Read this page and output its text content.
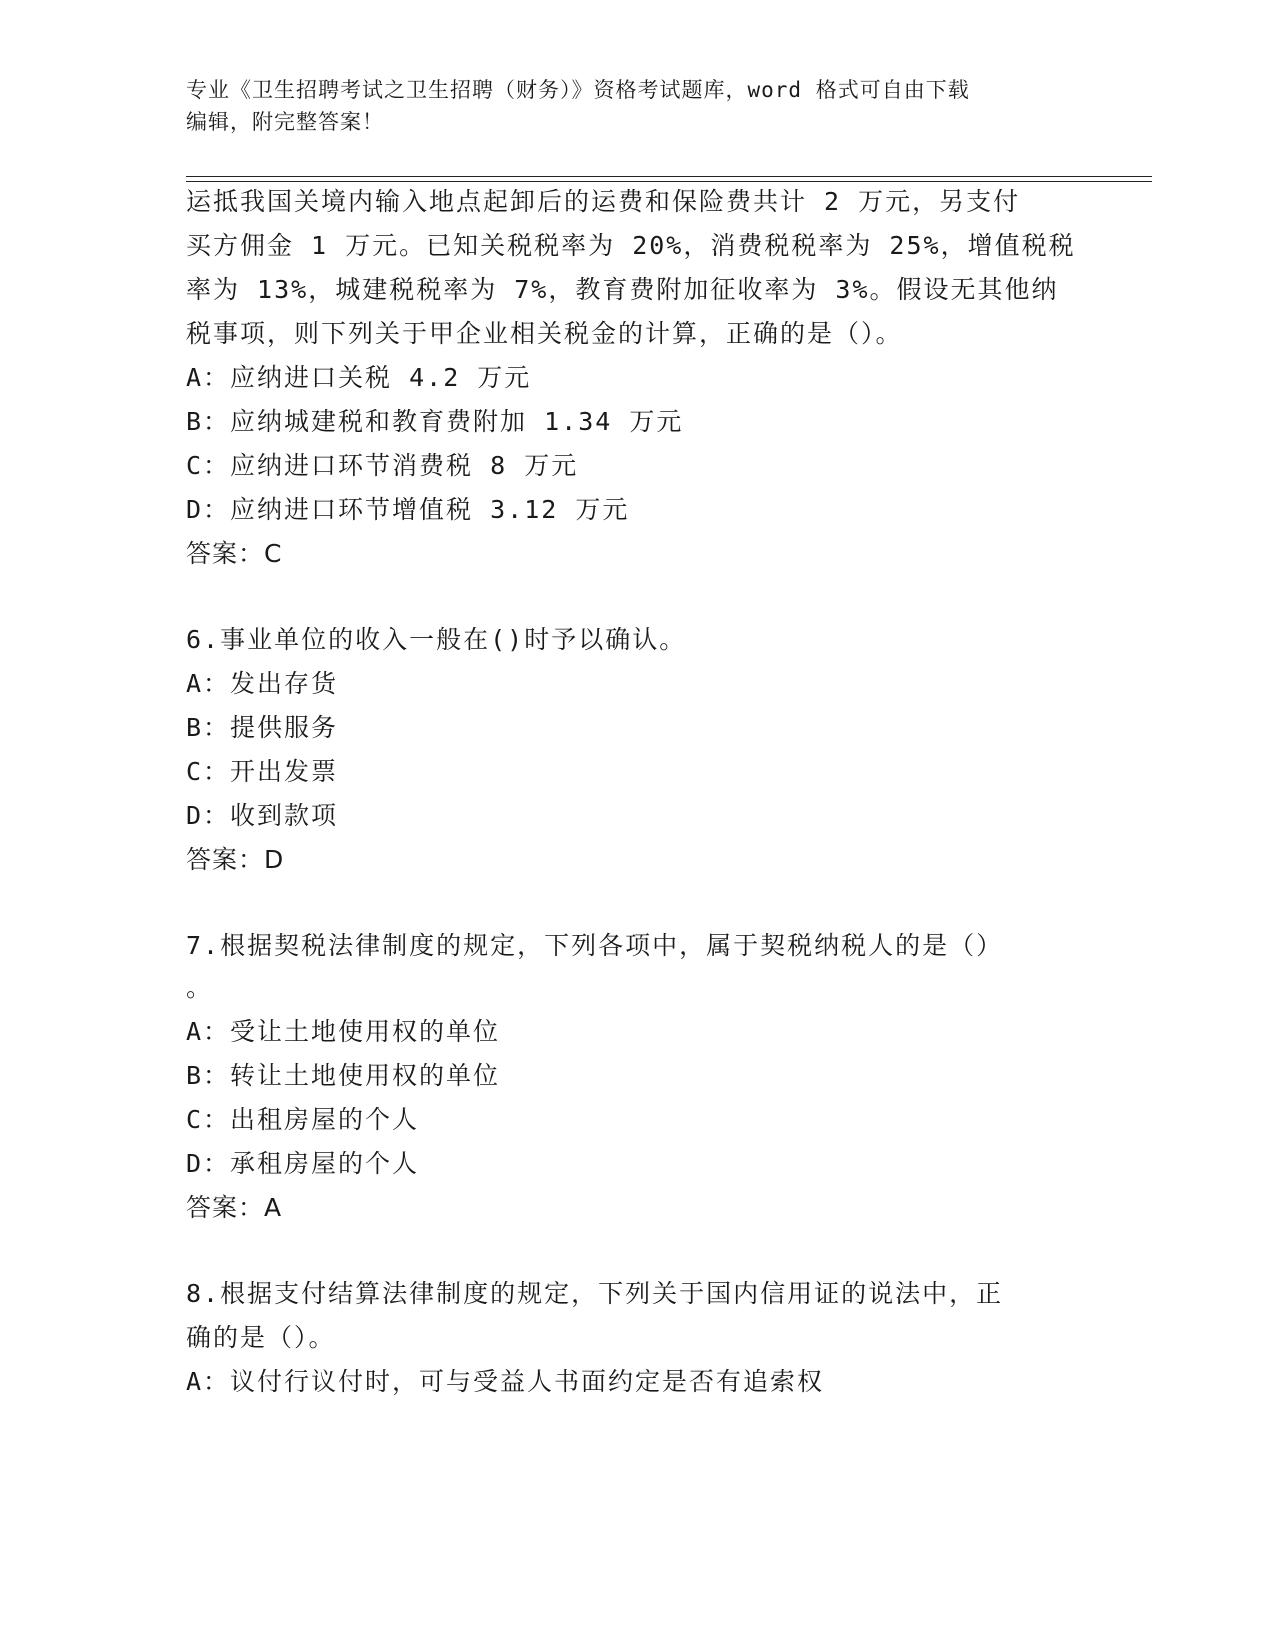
专业《卫生招聘考试之卫生招聘（财务）》资格考试题库，word 格式可自由下载
编辑，附完整答案！
运抵我国关境内输入地点起卸后的运费和保险费共计 2 万元，另支付
买方佣金 1 万元。已知关税税率为 20%，消费税税率为 25%，增值税税
率为 13%，城建税税率为 7%，教育费附加征收率为 3%。假设无其他纳
税事项，则下列关于甲企业相关税金的计算，正确的是（）。
A：应纳进口关税 4.2 万元
B：应纳城建税和教育费附加 1.34 万元
C：应纳进口环节消费税 8 万元
D：应纳进口环节增值税 3.12 万元
答案：C
6.事业单位的收入一般在()时予以确认。
A：发出存货
B：提供服务
C：开出发票
D：收到款项
答案：D
7.根据契税法律制度的规定，下列各项中，属于契税纳税人的是（）
。
A：受让土地使用权的单位
B：转让土地使用权的单位
C：出租房屋的个人
D：承租房屋的个人
答案：A
8.根据支付结算法律制度的规定，下列关于国内信用证的说法中，正
确的是（）。
A：议付行议付时，可与受益人书面约定是否有追索权
